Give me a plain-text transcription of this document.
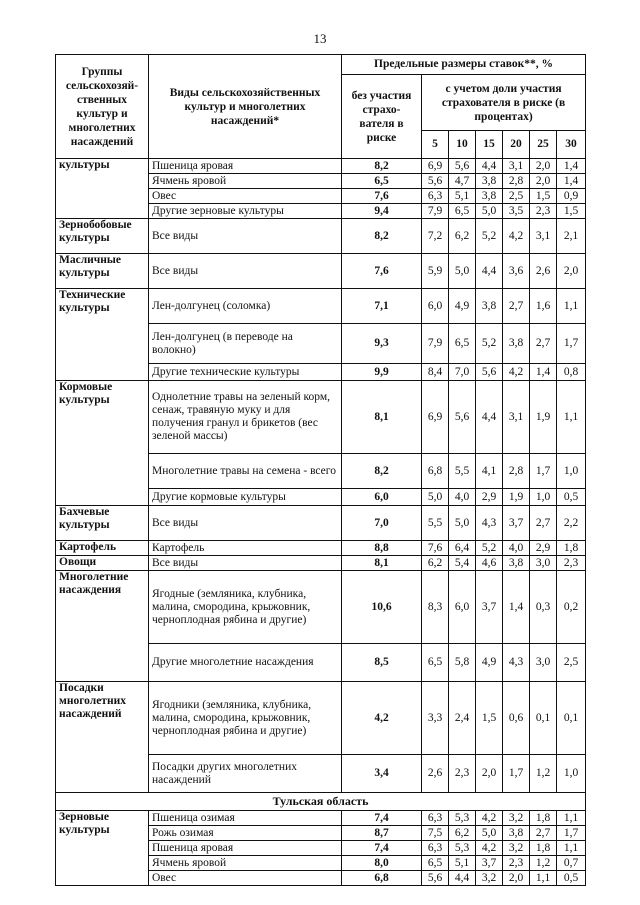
13
Группы сельскохозяй-ственных культур и многолетних насаждений	Виды сельскохозяйственных культур и многолетних насаждений*	Предельные размеры ставок**, %						
		без участия страхо-вателя в риске	с учетом доли участия страхователя в риске (в процентах)					
			5	10	15	20	25	30
культуры	Пшеница яровая	8,2	6,9	5,6	4,4	3,1	2,0	1,4
	Ячмень яровой	6,5	5,6	4,7	3,8	2,8	2,0	1,4
	Овес	7,6	6,3	5,1	3,8	2,5	1,5	0,9
	Другие зерновые культуры	9,4	7,9	6,5	5,0	3,5	2,3	1,5
Зернобобовые культуры	Все виды	8,2	7,2	6,2	5,2	4,2	3,1	2,1
Масличные культуры	Все виды	7,6	5,9	5,0	4,4	3,6	2,6	2,0
Технические культуры	Лен-долгунец (соломка)	7,1	6,0	4,9	3,8	2,7	1,6	1,1
	Лен-долгунец (в переводе на волокно)	9,3	7,9	6,5	5,2	3,8	2,7	1,7
	Другие технические культуры	9,9	8,4	7,0	5,6	4,2	1,4	0,8
Кормовые культуры	Однолетние травы на зеленый корм, сенаж, травяную муку и для получения гранул и брикетов (вес зеленой массы)	8,1	6,9	5,6	4,4	3,1	1,9	1,1
	Многолетние травы на семена - всего	8,2	6,8	5,5	4,1	2,8	1,7	1,0
	Другие кормовые культуры	6,0	5,0	4,0	2,9	1,9	1,0	0,5
Бахчевые культуры	Все виды	7,0	5,5	5,0	4,3	3,7	2,7	2,2
Картофель	Картофель	8,8	7,6	6,4	5,2	4,0	2,9	1,8
Овощи	Все виды	8,1	6,2	5,4	4,6	3,8	3,0	2,3
Многолетние насаждения	Ягодные (земляника, клубника, малина, смородина, крыжовник, черноплодная рябина и другие)	10,6	8,3	6,0	3,7	1,4	0,3	0,2
	Другие многолетние насаждения	8,5	6,5	5,8	4,9	4,3	3,0	2,5
Посадки многолетних насаждений	Ягодники (земляника, клубника, малина, смородина, крыжовник, черноплодная рябина и другие)	4,2	3,3	2,4	1,5	0,6	0,1	0,1
	Посадки других многолетних насаждений	3,4	2,6	2,3	2,0	1,7	1,2	1,0
Тульская область								
Зерновые культуры	Пшеница озимая	7,4	6,3	5,3	4,2	3,2	1,8	1,1
	Рожь озимая	8,7	7,5	6,2	5,0	3,8	2,7	1,7
	Пшеница яровая	7,4	6,3	5,3	4,2	3,2	1,8	1,1
	Ячмень яровой	8,0	6,5	5,1	3,7	2,3	1,2	0,7
	Овес	6,8	5,6	4,4	3,2	2,0	1,1	0,5
